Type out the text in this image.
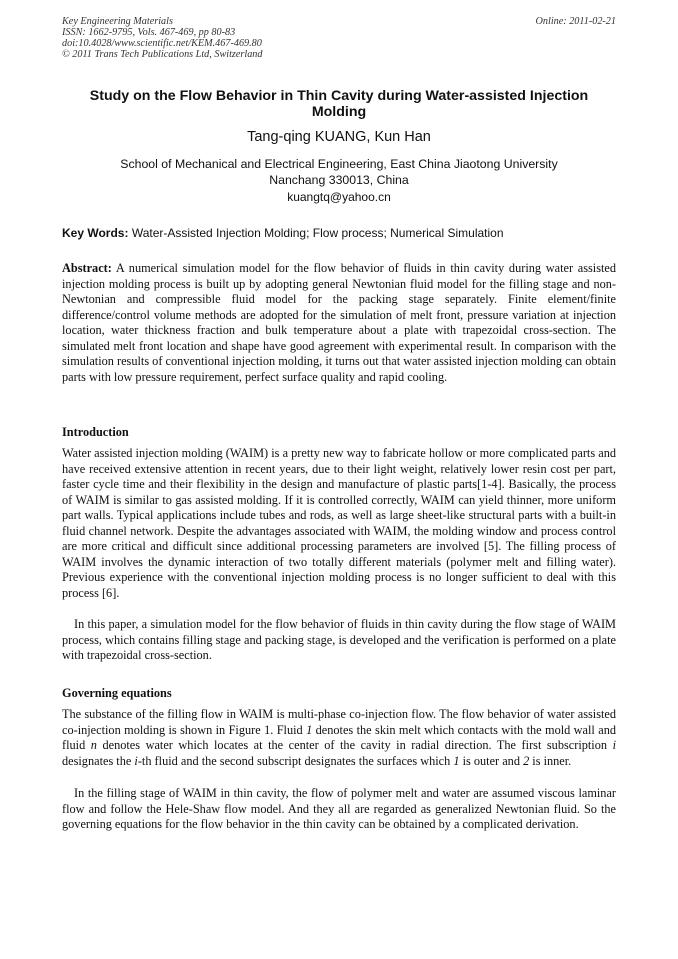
Key Engineering Materials
ISSN: 1662-9795, Vols. 467-469, pp 80-83
doi:10.4028/www.scientific.net/KEM.467-469.80
© 2011 Trans Tech Publications Ltd, Switzerland
Online: 2011-02-21
Study on the Flow Behavior in Thin Cavity during Water-assisted Injection Molding
Tang-qing KUANG, Kun Han
School of Mechanical and Electrical Engineering, East China Jiaotong University
Nanchang 330013, China
kuangtq@yahoo.cn
Key Words: Water-Assisted Injection Molding; Flow process; Numerical Simulation

Abstract: A numerical simulation model for the flow behavior of fluids in thin cavity during water assisted injection molding process is built up by adopting general Newtonian fluid model for the filling stage and non-Newtonian and compressible fluid model for the packing stage separately. Finite element/finite difference/control volume methods are adopted for the simulation of melt front, pressure variation at injection location, water thickness fraction and bulk temperature about a plate with trapezoidal cross-section. The simulated melt front location and shape have good agreement with experimental result. In comparison with the simulation results of conventional injection molding, it turns out that water assisted injection molding can obtain parts with low pressure requirement, perfect surface quality and rapid cooling.

Introduction

Water assisted injection molding (WAIM) is a pretty new way to fabricate hollow or more complicated parts and have received extensive attention in recent years, due to their light weight, relatively lower resin cost per part, faster cycle time and their flexibility in the design and manufacture of plastic parts[1-4]. Basically, the process of WAIM is similar to gas assisted molding. If it is controlled correctly, WAIM can yield thinner, more uniform part walls. Typical applications include tubes and rods, as well as large sheet-like structural parts with a built-in fluid channel network. Despite the advantages associated with WAIM, the molding window and process control are more critical and difficult since additional processing parameters are involved [5]. The filling process of WAIM involves the dynamic interaction of two totally different materials (polymer melt and filling water). Previous experience with the conventional injection molding process is no longer sufficient to deal with this process [6].

In this paper, a simulation model for the flow behavior of fluids in thin cavity during the flow stage of WAIM process, which contains filling stage and packing stage, is developed and the verification is performed on a plate with trapezoidal cross-section.

Governing equations

The substance of the filling flow in WAIM is multi-phase co-injection flow. The flow behavior of water assisted co-injection molding is shown in Figure 1. Fluid 1 denotes the skin melt which contacts with the mold wall and fluid n denotes water which locates at the center of the cavity in radial direction. The first subscription i designates the i-th fluid and the second subscript designates the surfaces which 1 is outer and 2 is inner.

In the filling stage of WAIM in thin cavity, the flow of polymer melt and water are assumed viscous laminar flow and follow the Hele-Shaw flow model. And they all are regarded as generalized Newtonian fluid. So the governing equations for the flow behavior in the thin cavity can be obtained by a complicated derivation.
